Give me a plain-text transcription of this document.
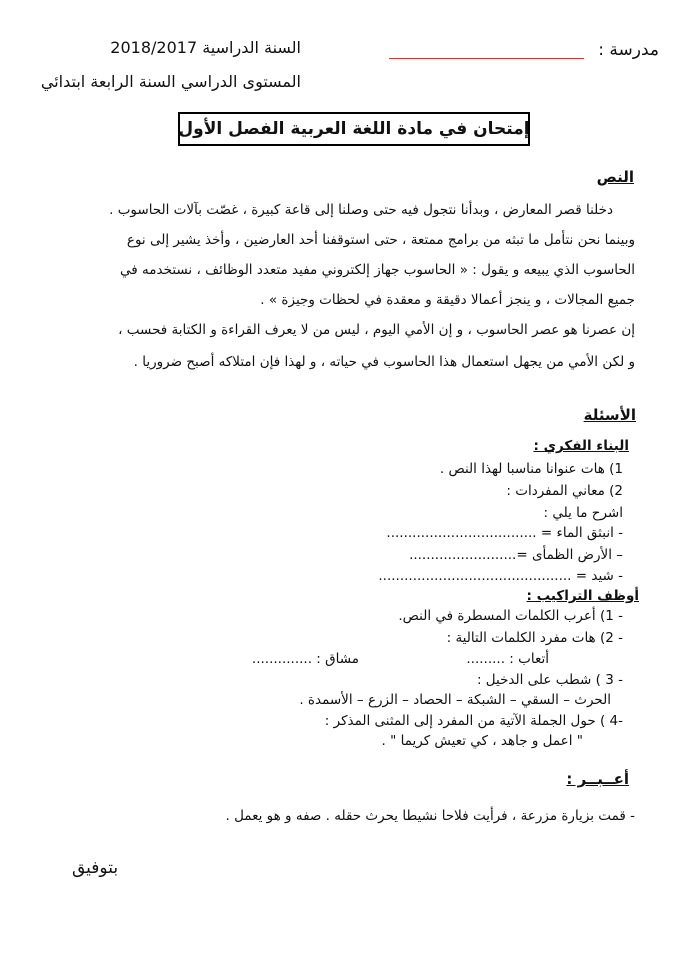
مدرسة :
السنة الدراسية 2018/2017
المستوى الدراسي السنة الرابعة ابتدائي
إمتحان في مادة اللغة العربية الفصل الأول
النص
دخلنا قصر المعارض ، وبدأنا نتجول فيه حتى وصلنا إلى قاعة كبيرة ، غصّت بآلات الحاسوب .
وبينما نحن نتأمل ما تبثه من برامج ممتعة ، حتى استوقفنا أحد العارضين ، وأخذ يشير إلى نوع
الحاسوب الذي يبيعه و يقول : « الحاسوب جهاز إلكتروني مفيد متعدد الوظائف ، نستخدمه في
جميع المجالات ، و ينجز أعمالا دقيقة و معقدة في لحظات وجيزة » .
إن عصرنا هو عصر الحاسوب ، و إن الأمي اليوم ، ليس من لا يعرف القراءة و الكتابة فحسب ،
و لكن الأمي من يجهل استعمال هذا الحاسوب في حياته ، و لهذا فإن امتلاكه أصبح ضروريا .
الأسئلة
البناء الفكري :
1) هات عنوانا مناسبا لهذا النص .
2) معاني المفردات :
اشرح ما يلي :
- انبثق الماء = ...................................
– الأرض الظمأى =.........................
- شيد = .............................................
أوظف التراكيب :
- 1) أعرب الكلمات المسطرة في النص.
- 2) هات مفرد الكلمات التالية :
أتعاب : .........
مشاق : ..............
- 3 ) شطب على الدخيل :
الحرث – السقي – الشبكة – الحصاد – الزرع – الأسمدة .
-4 ) حول الجملة الآتية من المفرد إلى المثنى المذكر :
" اعمل و جاهد ، كي تعيش كريما " .
أعــبــر :
- قمت بزيارة مزرعة ، فرأيت فلاحا نشيطا يحرث حقله . صفه و هو يعمل .
بتوفيق
